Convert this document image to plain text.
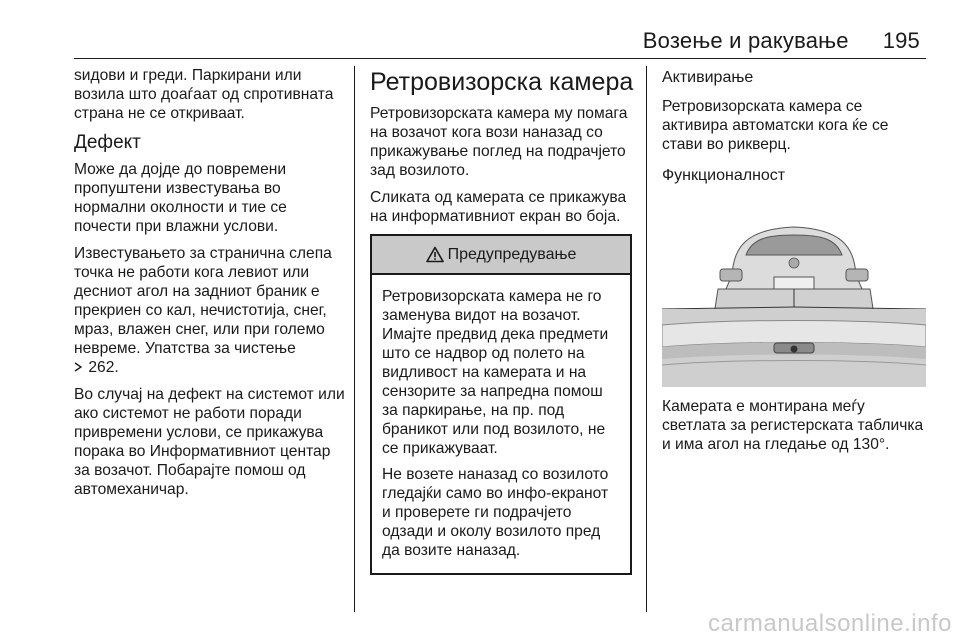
Возење и ракување 195

ѕидови и греди. Паркирани или возила што доаѓаат од спротивната страна не се откриваат.

Дефект

Може да дојде до повремени пропуштени известувања во нормални околности и тие се почести при влажни услови.

Известувањето за странична слепа точка не работи кога левиот или десниот агол на задниот браник е прекриен со кал, нечистотија, снег, мраз, влажен снег, или при големо невреме. Упатства за чистење
262.

Во случај на дефект на системот или ако системот не работи поради привремени услови, се прикажува порака во Информативниот центар за возачот. Побарајте помош од автомеханичар.

Ретровизорска камера

Ретровизорската камера му помага на возачот кога вози наназад со прикажување поглед на подрачјето зад возилото.

Сликата од камерата се прикажува на информативниот екран во боја.

Предупредување

Ретровизорската камера не го заменува видот на возачот. Имајте предвид дека предмети што се надвор од полето на видливост на камерата и на сензорите за напредна помош за паркирање, на пр. под браникот или под возилото, не се прикажуваат.

Не возете наназад со возилото гледајќи само во инфо-екранот и проверете ги подрачјето одзади и околу возилото пред да возите наназад.

Активирање

Ретровизорската камера се активира автоматски кога ќе се стави во рикверц.

Функционалност

Камерата е монтирана меѓу светлата за регистерската табличка и има агол на гледање од 130°.

carmanualsonline.info
